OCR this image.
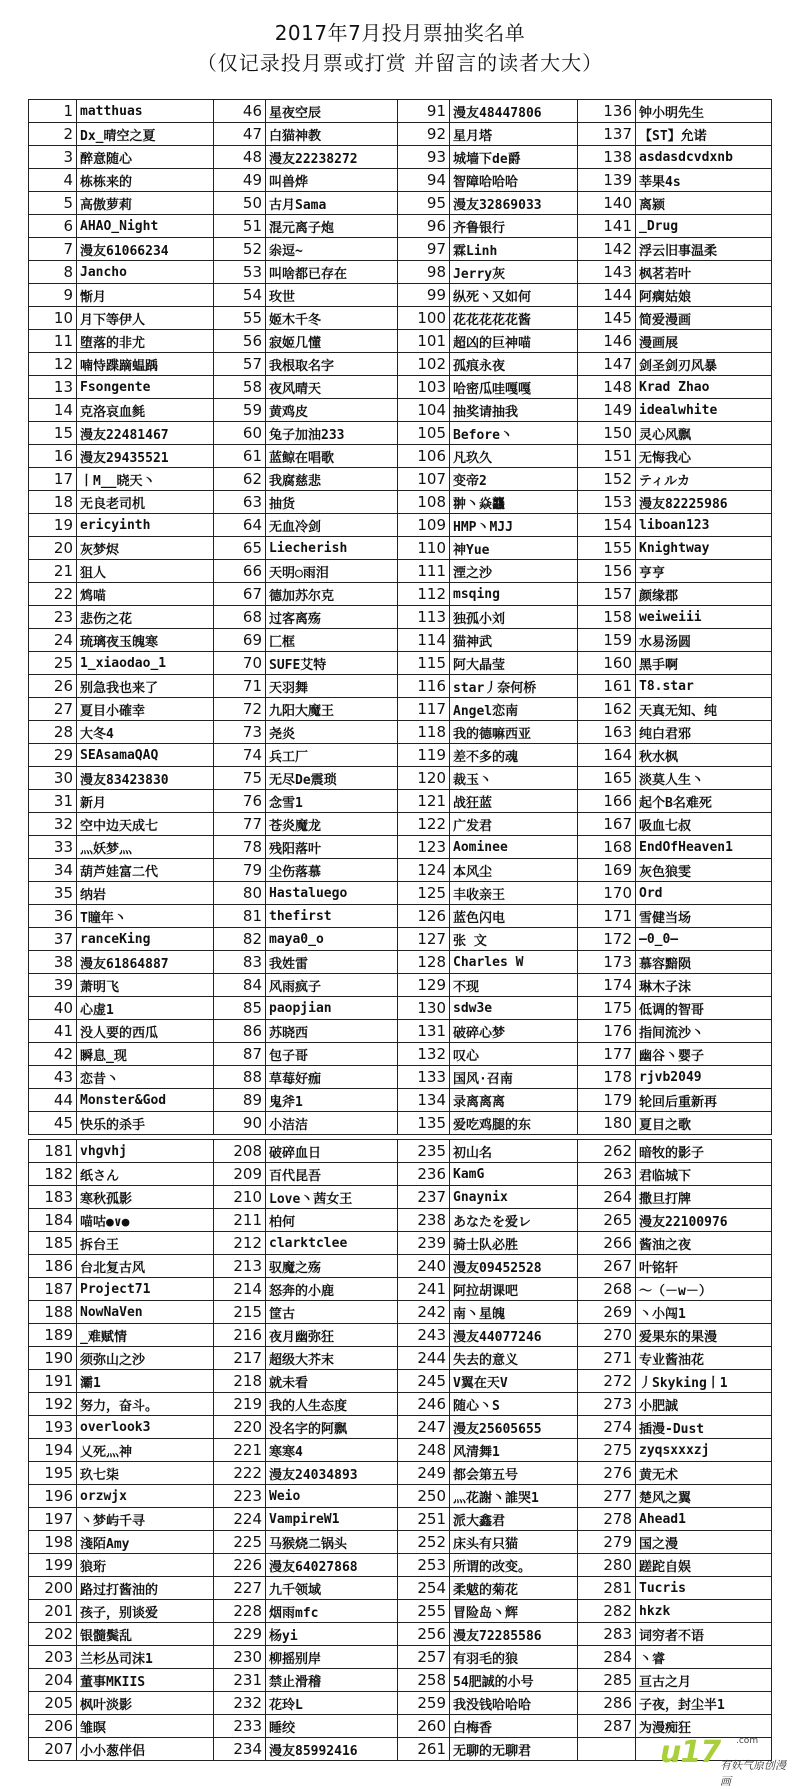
2017年7月投月票抽奖名单
（仅记录投月票或打赏 并留言的读者大大）
1	matthuas	46	星夜空辰	91	漫友48447806	136	钟小明先生
2	Dx_晴空之夏	47	白猫神教	92	星月塔	137	【ST】允诺
3	醉意随心	48	漫友22238272	93	城墙下de爵	138	asdasdcvdxnb
4	栋栋来的	49	叫兽烨	94	智障哈哈哈	139	莘果4s
5	高傲萝莉	50	古月Sama	95	漫友32869033	140	离颍
6	AHAO_Night	51	混元离子炮	96	齐鲁银行	141	_Drug
7	漫友61066234	52	尜逗~	97	霖Linh	142	浮云旧事温柔
8	Jancho	53	叫啥都已存在	98	Jerry灰	143	枫茗若叶
9	惭月	54	玫世	99	纵死丶又如何	144	阿瘸姑娘
10	月下等伊人	55	姬木千冬	100	花花花花花酱	145	简爱漫画
11	堕落的非尤	56	寂姬几懂	101	超凶的巨神喵	146	漫画展
12	喃恃蹀蹢蝹踽	57	我根取名字	102	孤痕永夜	147	剑圣剑刃风暴
13	Fsongente	58	夜风晴天	103	哈密瓜哇嘎嘎	148	Krad Zhao
14	克洛哀血毵	59	黄鸡皮	104	抽奖请抽我	149	idealwhite
15	漫友22481467	60	兔子加油233	105	Before丶	150	灵心风飘
16	漫友29435521	61	蓝鲸在唱歌	106	凡玖久	151	无悔我心
17	丨M__晓天丶	62	我腐慈悲	107	变帝2	152	ティルカ
18	无良老司机	63	抽货	108	翀丶焱龘	153	漫友82225986
19	ericyinth	64	无血冷剑	109	HMP丶MJJ	154	liboan123
20	灰梦烬	65	Liecherish	110	神Yue	155	Knightway
21	狙人	66	天明○雨泪	111	湮之沙	156	亨亨
22	鸩喵	67	德加苏尔克	112	msqing	157	颜缘郡
23	悲伤之花	68	过客离殇	113	独孤小刘	158	weiweiii
24	琉璃夜玉魄寒	69	匚框	114	猫神武	159	水易汤圆
25	1_xiaodao_1	70	SUFE艾特	115	阿大晶莹	160	黑手啊
26	别急我也来了	71	天羽舞	116	star丿奈何桥	161	T8.star
27	夏目小確幸	72	九阳大魔王	117	Angel恋南	162	天真无知、纯
28	大冬4	73	尧炎	118	我的德嘛西亚	163	纯白君邪
29	SEAsamaQAQ	74	兵工厂	119	差不多的魂	164	秋水枫
30	漫友83423830	75	无尽De震琐	120	裁玉丶	165	淡莫人生丶
31	新月	76	念雪1	121	战狂蓝	166	起个B名难死
32	空中边天成七	77	苍炎魔龙	122	广发君	167	吸血七叔
33	灬妖梦灬	78	残阳落叶	123	Aominee	168	EndOfHeaven1
34	葫芦娃富二代	79	尘伤落慕	124	本风尘	169	灰色狼雯
35	纳岩	80	Hastaluego	125	丰收亲王	170	Ord
36	T瞳年丶	81	thefirst	126	蓝色闪电	171	雪健当场
37	ranceKing	82	maya0_o	127	张 文	172	—0_0—
38	漫友61864887	83	我姓雷	128	Charles W	173	慕容黯陨
39	萧明飞	84	风雨疯子	129	不现	174	琳木子沫
40	心虚1	85	paopjian	130	sdw3e	175	低调的智哥
41	没人要的西瓜	86	苏晓西	131	破碎心梦	176	指间流沙丶
42	瞬息_现	87	包子哥	132	叹心	177	幽谷丶婴子
43	恋昔丶	88	草莓好痂	133	国风·召南	178	rjvb2049
44	Monster&God	89	鬼斧1	134	录离离离	179	轮回后重新再
45	快乐的杀手	90	小洁洁	135	爱吃鸡腿的东	180	夏目之歌
181	vhgvhj	208	破碎血日	235	初山名	262	暗牧的影子
182	纸さん	209	百代昆吾	236	KamG	263	君临城下
183	寒秋孤影	210	Love丶茜女王	237	Gnaynix	264	撒旦打牌
184	喵咕●∨●	211	柏何	238	あなたを爱レ	265	漫友22100976
185	拆台王	212	clarktclee	239	骑士队必胜	266	酱油之夜
186	台北复古风	213	驭魔之殇	240	漫友09452528	267	叶铭轩
187	Project71	214	怒奔的小鹿	241	阿拉胡课吧	268	～（－w－）
188	NowNaVen	215	筐古	242	南丶星魄	269	丶小闯1
189	_难赋情	216	夜月幽弥狂	243	漫友44077246	270	爱果东的果漫
190	须弥山之沙	217	超级大芥末	244	失去的意义	271	专业酱油花
191	灞1	218	就未看	245	V翼在天V	272	丿Skyking丨1
192	努力，奋斗。	219	我的人生态度	246	随心丶S	273	小肥誠
193	overlook3	220	没名字的阿飘	247	漫友25605655	274	插漫-Dust
194	乂死灬神	221	寒寒4	248	风清舞1	275	zyqsxxxzj
195	玖七柒	222	漫友24034893	249	都会第五号	276	黄无术
196	orzwjx	223	Weio	250	灬花謝丶誰哭1	277	楚风之翼
197	丶梦屿千寻	224	VampireW1	251	派大鑫君	278	Ahead1
198	淺陌Amy	225	马猴烧二锅头	252	床头有只猫	279	国之漫
199	狼珩	226	漫友64027868	253	所谓的改变。	280	蹉跎自娱
200	路过打酱油的	227	九千领域	254	柔魃的菊花	281	Tucris
201	孩子，别谈爱	228	烟雨mfc	255	冒险岛丶辉	282	hkzk
202	银髓鬓乱	229	杨yi	256	漫友72285586	283	词穷者不语
203	兰杉丛司沫1	230	柳摇别岸	257	有羽毛的狼	284	丶睿
204	董事MKIIS	231	禁止滑稽	258	54肥誠的小号	285	亘古之月
205	枫叶淡影	232	花玲L	259	我没钱哈哈哈	286	子夜，封尘半1
206	雏暝	233	睡绞	260	白梅香	287	为漫痴狂
207	小小葱伴侣	234	漫友85992416	261	无聊的无聊君			u17 .com
有妖气原创漫画
